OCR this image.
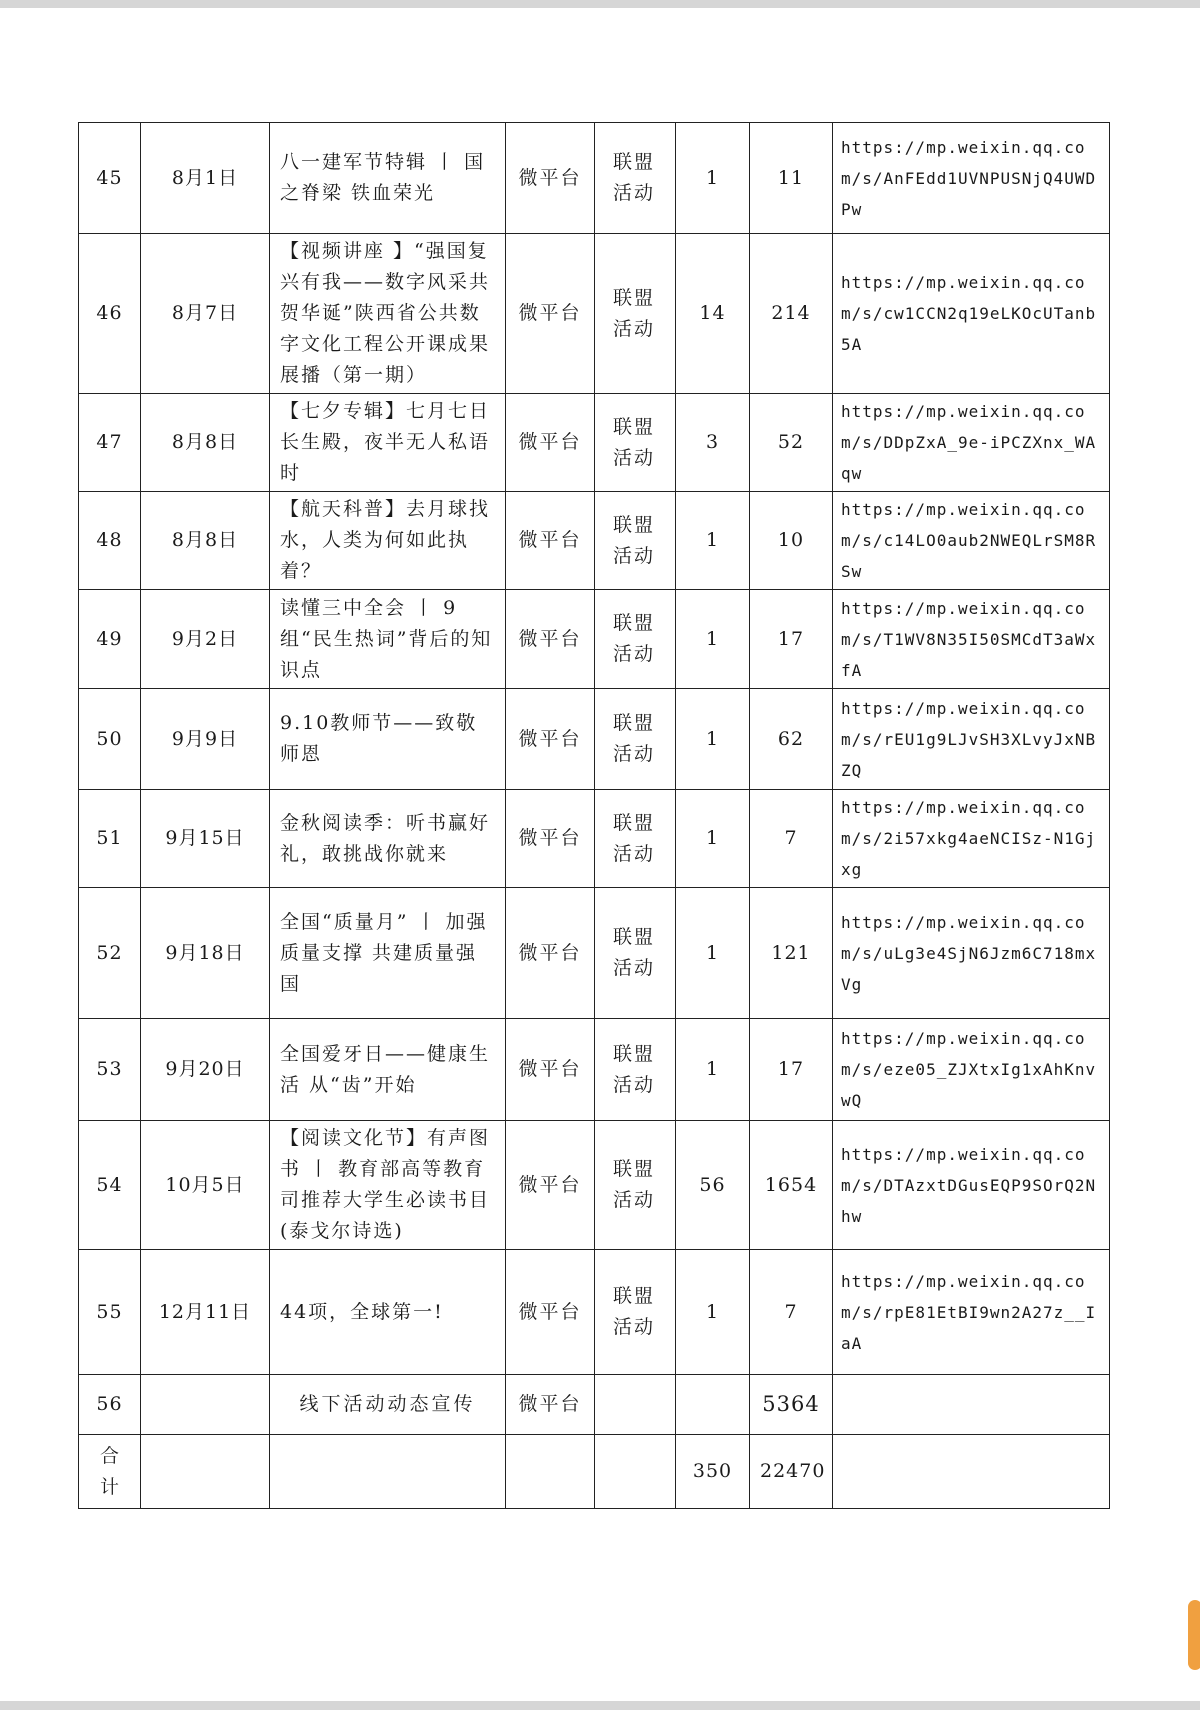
45	8月1日	八一建军节特辑 丨 国之脊梁 铁血荣光	微平台	联盟活动	1	11	https://mp.weixin.qq.com/s/AnFEdd1UVNPUSNjQ4UWDPw
46	8月7日	【视频讲座 】“强国复兴有我——数字风采共贺华诞”陕西省公共数字文化工程公开课成果展播（第一期）	微平台	联盟活动	14	214	https://mp.weixin.qq.com/s/cw1CCN2q19eLKOcUTanb5A
47	8月8日	【七夕专辑】七月七日长生殿，夜半无人私语时	微平台	联盟活动	3	52	https://mp.weixin.qq.com/s/DDpZxA_9e-iPCZXnx_WAqw
48	8月8日	【航天科普】去月球找水，人类为何如此执着？	微平台	联盟活动	1	10	https://mp.weixin.qq.com/s/c14LO0aub2NWEQLrSM8RSw
49	9月2日	读懂三中全会 丨 9组“民生热词”背后的知识点	微平台	联盟活动	1	17	https://mp.weixin.qq.com/s/T1WV8N35I50SMCdT3aWxfA
50	9月9日	9.10教师节——致敬师恩	微平台	联盟活动	1	62	https://mp.weixin.qq.com/s/rEU1g9LJvSH3XLvyJxNBZQ
51	9月15日	金秋阅读季：听书赢好礼，敢挑战你就来	微平台	联盟活动	1	7	https://mp.weixin.qq.com/s/2i57xkg4aeNCISz-N1Gjxg
52	9月18日	全国“质量月” 丨 加强质量支撑 共建质量强国	微平台	联盟活动	1	121	https://mp.weixin.qq.com/s/uLg3e4SjN6Jzm6C718mxVg
53	9月20日	全国爱牙日——健康生活 从“齿”开始	微平台	联盟活动	1	17	https://mp.weixin.qq.com/s/eze05_ZJXtxIg1xAhKnvwQ
54	10月5日	【阅读文化节】有声图书 丨 教育部高等教育司推荐大学生必读书目(泰戈尔诗选)	微平台	联盟活动	56	1654	https://mp.weixin.qq.com/s/DTAzxtDGusEQP9SOrQ2Nhw
55	12月11日	44项，全球第一!	微平台	联盟活动	1	7	https://mp.weixin.qq.com/s/rpE81EtBI9wn2A27z__IaA
56		线下活动动态宣传	微平台			5364	
合计					350	22470	
